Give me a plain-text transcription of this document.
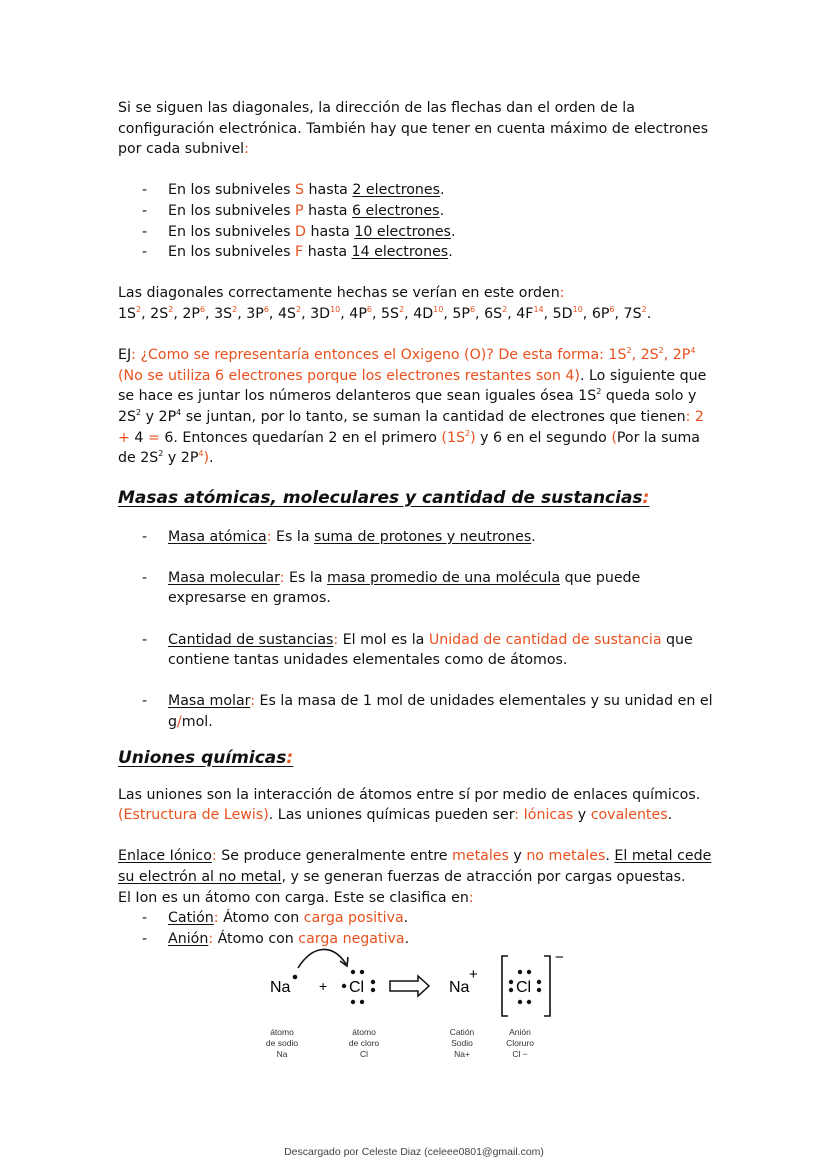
Si se siguen las diagonales, la dirección de las flechas dan el orden de la configuración electrónica. También hay que tener en cuenta máximo de electrones por cada subnivel:

- En los subniveles S hasta 2 electrones.
- En los subniveles P hasta 6 electrones.
- En los subniveles D hasta 10 electrones.
- En los subniveles F hasta 14 electrones.

Las diagonales correctamente hechas se verían en este orden:

$1S^2$, $2S^2$, $2P^6$, $3S^2$, $3P^6$, $4S^2$, $3D^{10}$, $4P^6$, $5S^2$, $4D^{10}$, $5P^6$, $6S^2$, $4F^{14}$, $5D^{10}$, $6P^6$, $7S^2$.

EJ: ¿Como se representaría entonces el Oxigeno (O)? De esta forma: $1S^2$, $2S^2$, $2P^4$ (No se utiliza 6 electrones porque los electrones restantes son 4). Lo siguiente que se hace es juntar los números delanteros que sean iguales ósea $1S^2$ queda solo y $2S^2$ y $2P^4$ se juntan, por lo tanto, se suman la cantidad de electrones que tienen: 2 + 4 = 6. Entonces quedarían 2 en el primero $(1S^2)$ y 6 en el segundo (Por la suma de $2S^2$ y $2P^4$).

Masas atómicas, moleculares y cantidad de sustancias:
- Masa atómica: Es la suma de protones y neutrones.
- Masa molecular: Es la masa promedio de una molécula que puede expresarse en gramos.
- Cantidad de sustancias: El mol es la Unidad de cantidad de sustancia que contiene tantas unidades elementales como de átomos.
- Masa molar: Es la masa de 1 mol de unidades elementales y su unidad en el g/mol.
Uniones químicas:

Las uniones son la interacción de átomos entre sí por medio de enlaces químicos. (Estructura de Lewis). Las uniones químicas pueden ser: Iónicas y covalentes.

Enlace Iónico: Se produce generalmente entre metales y no metales. El metal cede su electrón al no metal, y se generan fuerzas de atracción por cargas opuestas.

El Ion es un átomo con carga. Este se clasifica en:

- Catión: Átomo con carga positiva.
- Anión: Átomo con carga negativa.
Na + Cl	Na
+
−
Cl
átomo
de sodio
Na
átomo
de cloro
Cl
Catión
Sodio
Na+
Anión
Cloruro
Cl −
Descargado por Celeste Diaz (celeee0801@gmail.com)
